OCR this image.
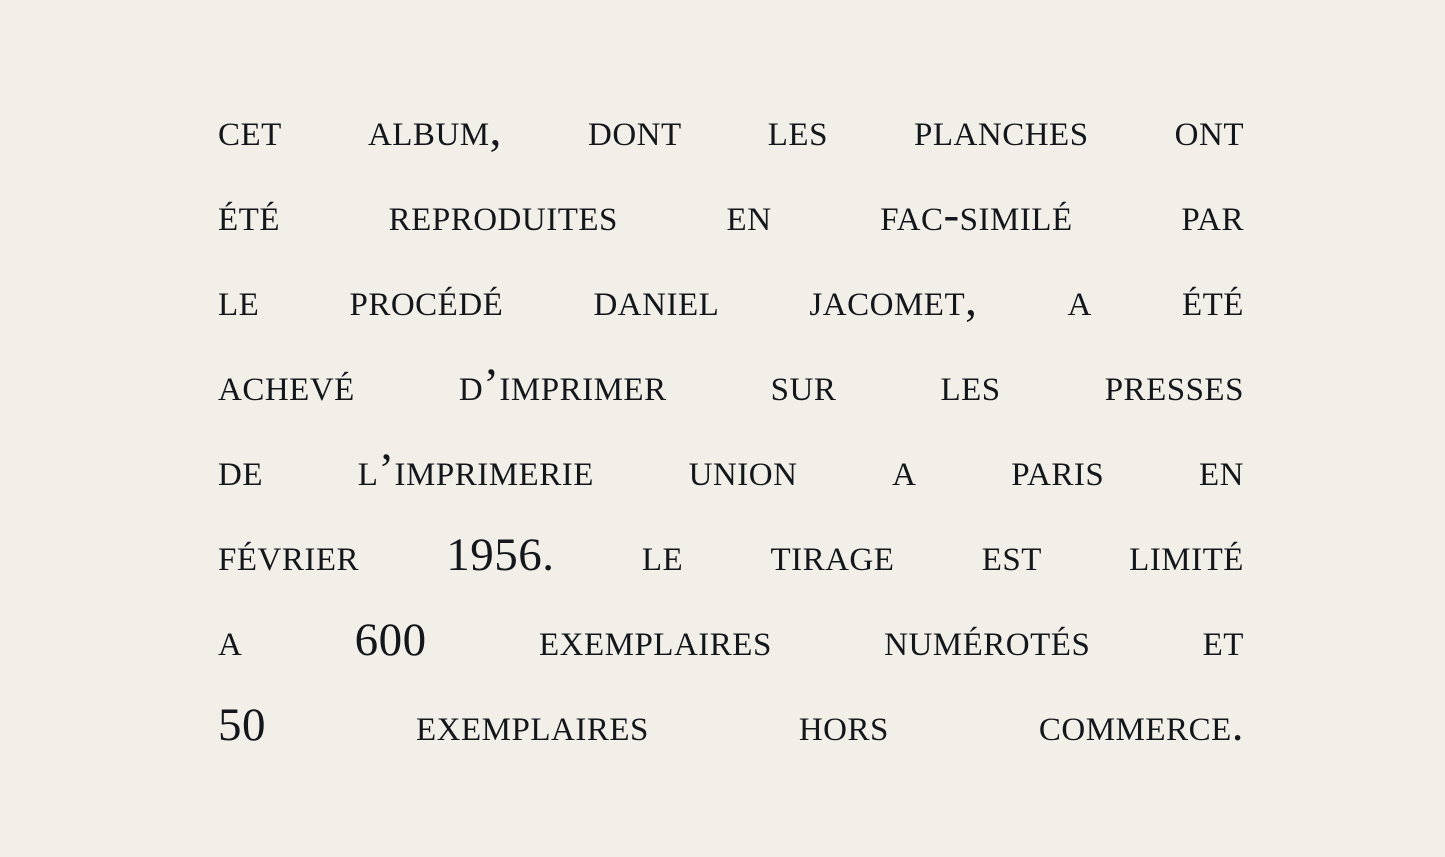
cet album, dont les planches ont
été reproduites en fac-similé par
le procédé daniel jacomet, a été
achevé d’imprimer sur les presses
de l’imprimerie union a paris en
février 1956. le tirage est limité
a 600 exemplaires numérotés et
50	exemplaires	hors	commerce.
